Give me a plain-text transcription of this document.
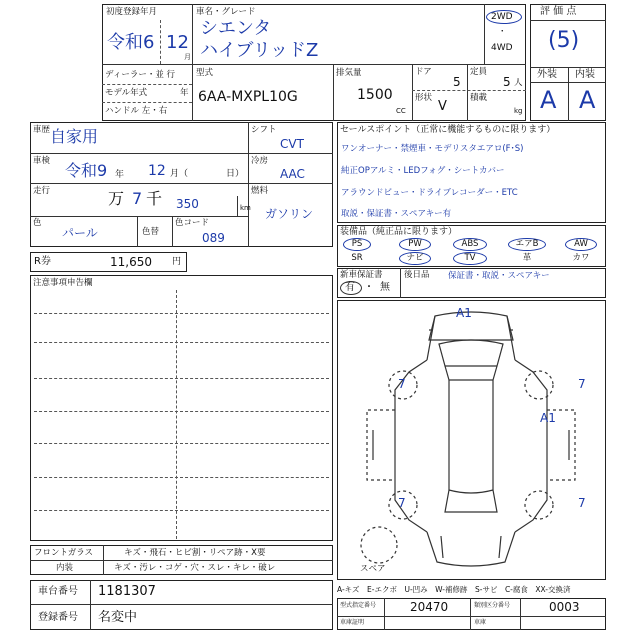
初度登録年月
令和6 12
月
車名・グレード
シエンタ
ハイブリッドZ
2WD
・
4WD
ディーラー・並 行
モデル年式	年
ハンドル 左・右
型式
6AA-MXPL10G
排気量
1500
CC
ドア
5
定員
5 人
形状
V
積載
kg
評 価 点
(5)
外装 内装
A A
車歴 自家用
車検 令和9 年 12 月（	日）
走行	万 7 千 350	km
色
パール	色替
色コード
089
シフト
CVT
冷房
AAC
燃料
ガソリン
R券	11,650 円
セールスポイント（正常に機能するものに限ります）
ワンオーナー・禁煙車・モデリスタエアロ(F･S)
純正OPアルミ・LEDフォグ・シートカバー
アラウンドビュー・ドライブレコーダー・ETC
取説・保証書・スペアキー有
装備品（純正品に限ります）
PS	PW	ABS	エアB	AW
SR	ナビ	TV	革	カワ
新車保証書
有 ・ 無
後日品 保証書・取説・スペアキー
注意事項申告欄
A1
7	7
A1
7	7
スペア
フロントガラス	キズ・飛石・ヒビ割・リペア跡・X要
内装	キズ・汚レ・コゲ・穴・スレ・キレ・破レ
車台番号 1181307
登録番号 名変中
A-キズ　E-エクボ　U-凹み　W-補修跡　S-サビ　C-腐食　XX-交換済
型式指定番号	20470	類別区分番号	0003
車庫証明	車庫
